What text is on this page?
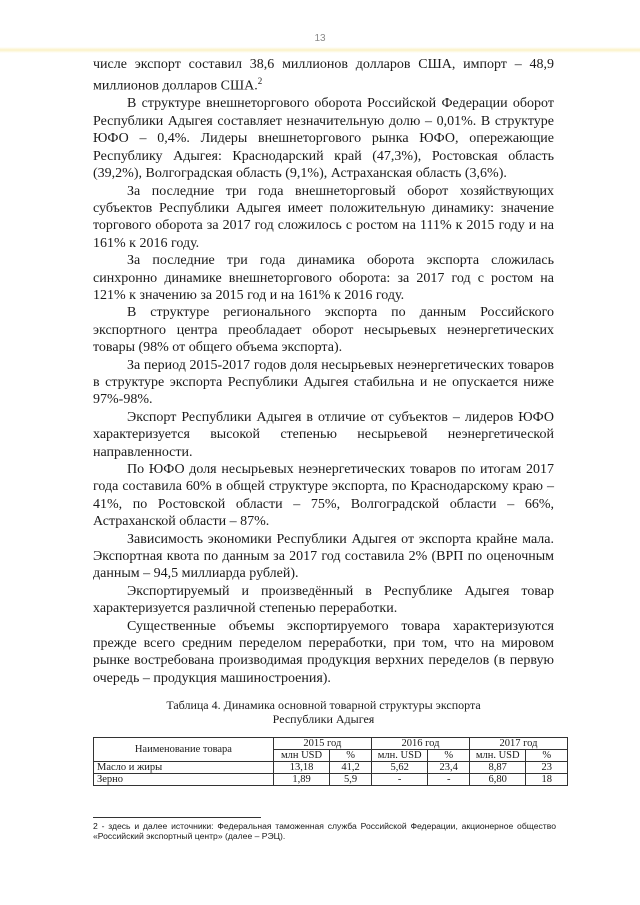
13

числе экспорт составил 38,6 миллионов долларов США, импорт – 48,9 миллионов долларов США.$^2$

В структуре внешнеторгового оборота Российской Федерации оборот Республики Адыгея составляет незначительную долю – 0,01%. В структуре ЮФО – 0,4%. Лидеры внешнеторгового рынка ЮФО, опережающие Республику Адыгея: Краснодарский край (47,3%), Ростовская область (39,2%), Волгоградская область (9,1%), Астраханская область (3,6%).

За последние три года внешнеторговый оборот хозяйствующих субъектов Республики Адыгея имеет положительную динамику: значение торгового оборота за 2017 год сложилось с ростом на 111% к 2015 году и на 161% к 2016 году.

За последние три года динамика оборота экспорта сложилась синхронно динамике внешнеторгового оборота: за 2017 год с ростом на 121% к значению за 2015 год и на 161% к 2016 году.

В структуре регионального экспорта по данным Российского экспортного центра преобладает оборот несырьевых неэнергетических товары (98% от общего объема экспорта).

За период 2015-2017 годов доля несырьевых неэнергетических товаров в структуре экспорта Республики Адыгея стабильна и не опускается ниже 97%-98%.

Экспорт Республики Адыгея в отличие от субъектов – лидеров ЮФО характеризуется высокой степенью несырьевой неэнергетической направленности.

По ЮФО доля несырьевых неэнергетических товаров по итогам 2017 года составила 60% в общей структуре экспорта, по Краснодарскому краю – 41%, по Ростовской области – 75%, Волгоградской области – 66%, Астраханской области – 87%.

Зависимость экономики Республики Адыгея от экспорта крайне мала. Экспортная квота по данным за 2017 год составила 2% (ВРП по оценочным данным – 94,5 миллиарда рублей).

Экспортируемый и произведённый в Республике Адыгея товар характеризуется различной степенью переработки.

Существенные объемы экспортируемого товара характеризуются прежде всего средним переделом переработки, при том, что на мировом рынке востребована производимая продукция верхних переделов (в первую очередь – продукция машиностроения).

Таблица 4. Динамика основной товарной структуры экспорта
Республики Адыгея
Наименование товара	2015 год		2016 год		2017 год	
	млн USD	%	млн. USD	%	млн. USD	%
Масло и жиры	13,18	41,2	5,62	23,4	8,87	23
Зерно	1,89	5,9	-	-	6,80	18
2 - здесь и далее источники: Федеральная таможенная служба Российской Федерации, акционерное общество «Российский экспортный центр» (далее – РЭЦ).
